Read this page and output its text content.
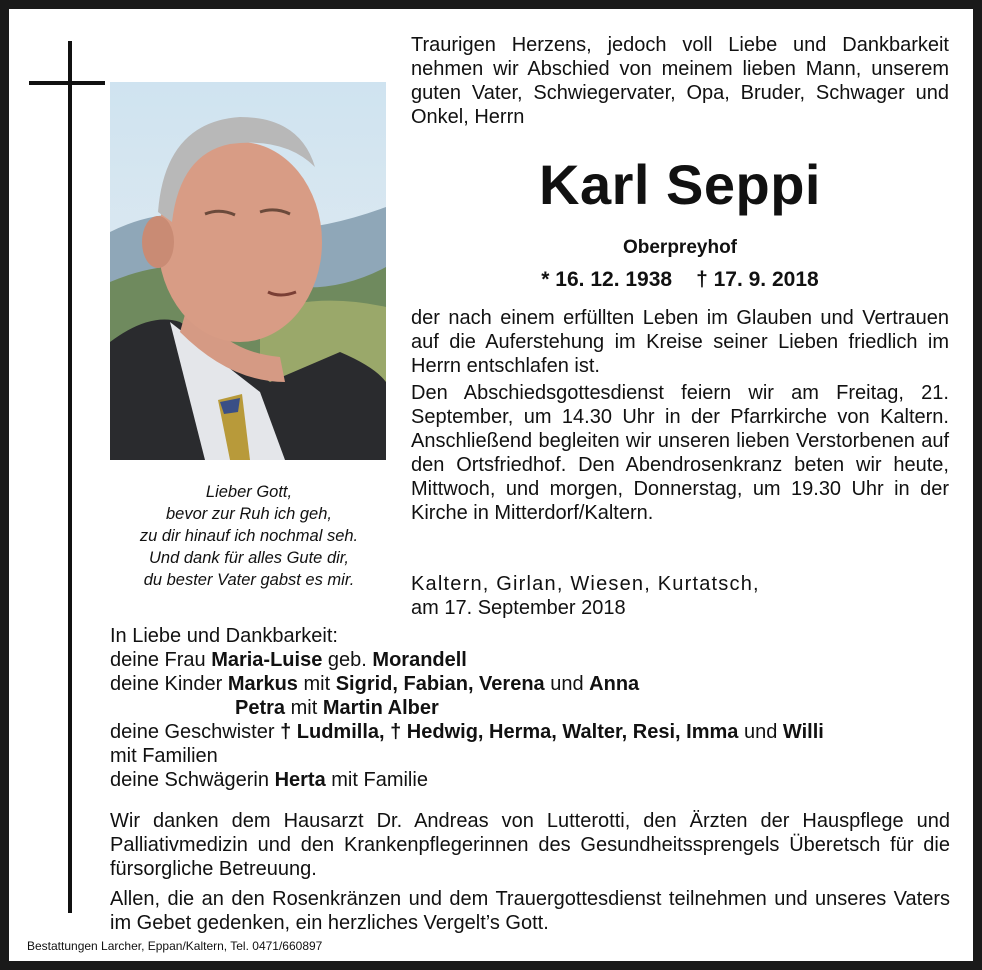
Lieber Gott,
bevor zur Ruh ich geh,
zu dir hinauf ich nochmal seh.
Und dank für alles Gute dir,
du bester Vater gabst es mir.
Traurigen Herzens, jedoch voll Liebe und Dankbarkeit nehmen wir Abschied von meinem lieben Mann, unserem guten Vater, Schwiegervater, Opa, Bruder, Schwager und Onkel, Herrn
Karl Seppi
Oberpreyhof
* 16. 12. 1938 † 17. 9. 2018
der nach einem erfüllten Leben im Glauben und Vertrauen auf die Auferstehung im Kreise seiner Lieben friedlich im Herrn entschlafen ist.
Den Abschiedsgottesdienst feiern wir am Freitag, 21. September, um 14.30 Uhr in der Pfarrkirche von Kaltern. Anschließend begleiten wir unseren lieben Verstorbenen auf den Ortsfriedhof. Den Abendrosenkranz beten wir heute, Mittwoch, und morgen, Donnerstag, um 19.30 Uhr in der Kirche in Mitterdorf/Kaltern.
Kaltern, Girlan, Wiesen, Kurtatsch,
am 17. September 2018
In Liebe und Dankbarkeit:
deine Frau Maria-Luise geb. Morandell
deine Kinder Markus mit Sigrid, Fabian, Verena und Anna
Petra mit Martin Alber
deine Geschwister † Ludmilla, † Hedwig, Herma, Walter, Resi, Imma und Willi
mit Familien
deine Schwägerin Herta mit Familie

Wir danken dem Hausarzt Dr. Andreas von Lutterotti, den Ärzten der Hauspflege und Palliativmedizin und den Krankenpflegerinnen des Gesundheitssprengels Überetsch für die fürsorgliche Betreuung.

Allen, die an den Rosenkränzen und dem Trauergottesdienst teilnehmen und unseres Vaters im Gebet gedenken, ein herzliches Vergelt’s Gott.

Bestattungen Larcher, Eppan/Kaltern, Tel. 0471/660897
